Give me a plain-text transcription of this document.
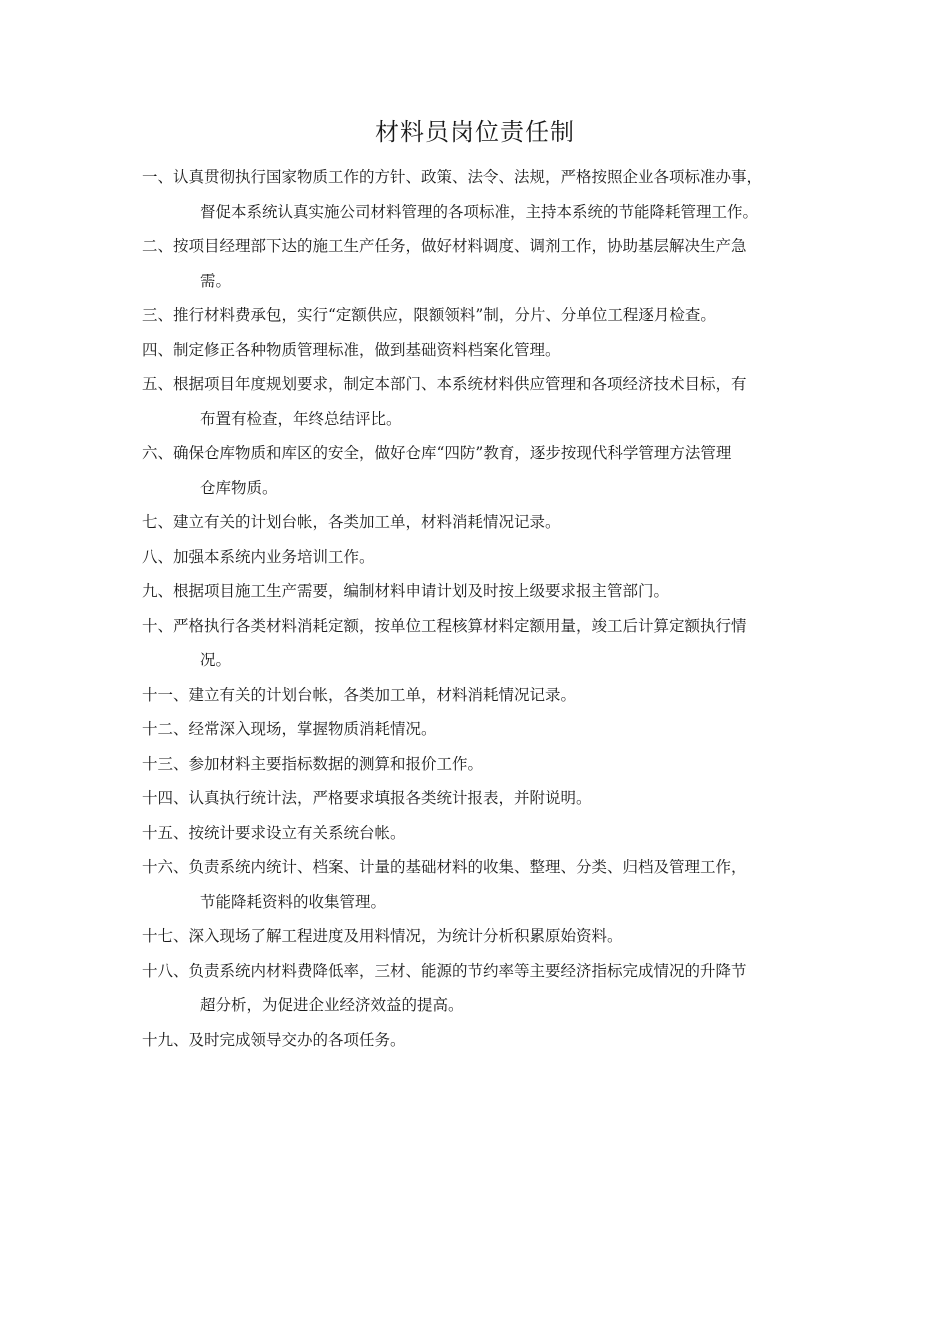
材料员岗位责任制
一、认真贯彻执行国家物质工作的方针、政策、法令、法规，严格按照企业各项标准办事，
督促本系统认真实施公司材料管理的各项标准，主持本系统的节能降耗管理工作。
二、按项目经理部下达的施工生产任务，做好材料调度、调剂工作，协助基层解决生产急
需。
三、推行材料费承包，实行“定额供应，限额领料”制，分片、分单位工程逐月检查。
四、制定修正各种物质管理标准，做到基础资料档案化管理。
五、根据项目年度规划要求，制定本部门、本系统材料供应管理和各项经济技术目标，有
布置有检查，年终总结评比。
六、确保仓库物质和库区的安全，做好仓库“四防”教育，逐步按现代科学管理方法管理
仓库物质。
七、建立有关的计划台帐，各类加工单，材料消耗情况记录。
八、加强本系统内业务培训工作。
九、根据项目施工生产需要，编制材料申请计划及时按上级要求报主管部门。
十、严格执行各类材料消耗定额，按单位工程核算材料定额用量，竣工后计算定额执行情
况。
十一、建立有关的计划台帐，各类加工单，材料消耗情况记录。
十二、经常深入现场，掌握物质消耗情况。
十三、参加材料主要指标数据的测算和报价工作。
十四、认真执行统计法，严格要求填报各类统计报表，并附说明。
十五、按统计要求设立有关系统台帐。
十六、负责系统内统计、档案、计量的基础材料的收集、整理、分类、归档及管理工作，
节能降耗资料的收集管理。
十七、深入现场了解工程进度及用料情况，为统计分析积累原始资料。
十八、负责系统内材料费降低率，三材、能源的节约率等主要经济指标完成情况的升降节
超分析，为促进企业经济效益的提高。
十九、及时完成领导交办的各项任务。
